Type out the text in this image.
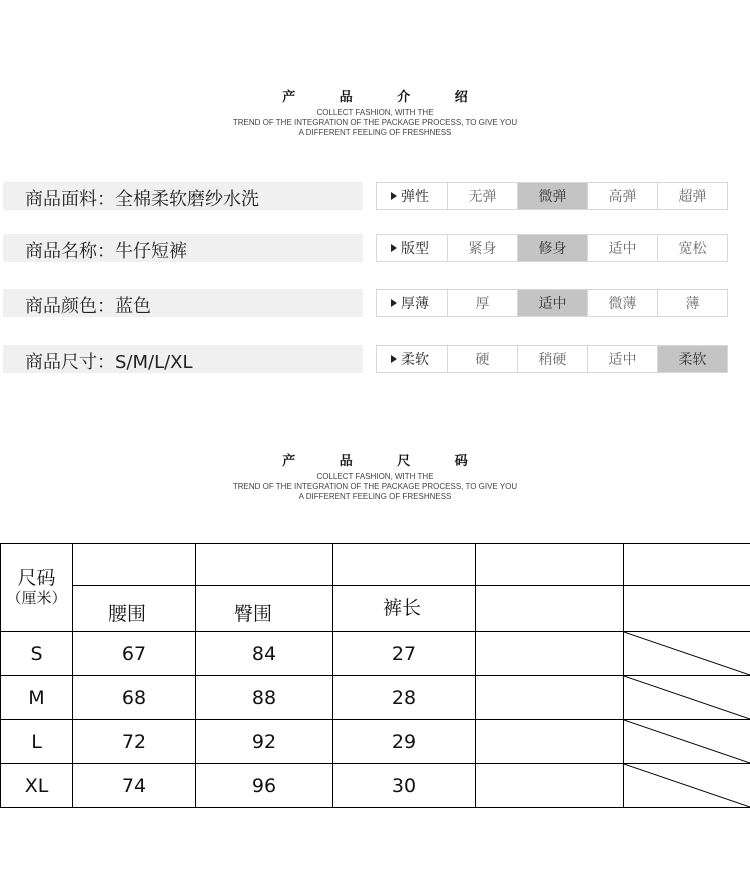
产 品 介 绍
COLLECT FASHION, WITH THE
TREND OF THE INTEGRATION OF THE PACKAGE PROCESS, TO GIVE YOU
A DIFFERENT FEELING OF FRESHNESS
商品面料：全棉柔软磨纱水洗	弹性	无弹	微弹	高弹	超弹
商品名称：牛仔短裤	版型	紧身	修身	适中	宽松
商品颜色：蓝色	厚薄	厚	适中	微薄	薄
商品尺寸：S/M/L/XL	柔软	硬	稍硬	适中	柔软
产 品 尺 码
COLLECT FASHION, WITH THE
TREND OF THE INTEGRATION OF THE PACKAGE PROCESS, TO GIVE YOU
A DIFFERENT FEELING OF FRESHNESS
尺码
（厘米）					

	腰围	臀围	裤长		
S	67	84	27		

M	68	88	28		

L	72	92	29		

XL	74	96	30		
